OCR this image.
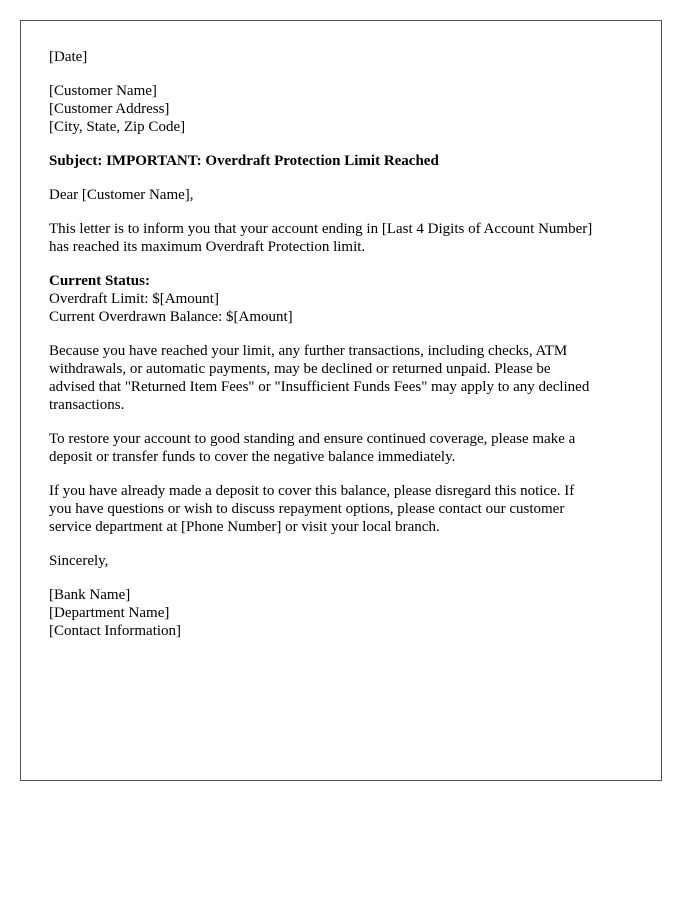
[Date]
[Customer Name]
[Customer Address]
[City, State, Zip Code]
Subject: IMPORTANT: Overdraft Protection Limit Reached
Dear [Customer Name],
This letter is to inform you that your account ending in [Last 4 Digits of Account Number]
has reached its maximum Overdraft Protection limit.
Current Status:
Overdraft Limit: $[Amount]
Current Overdrawn Balance: $[Amount]
Because you have reached your limit, any further transactions, including checks, ATM
withdrawals, or automatic payments, may be declined or returned unpaid. Please be
advised that "Returned Item Fees" or "Insufficient Funds Fees" may apply to any declined
transactions.
To restore your account to good standing and ensure continued coverage, please make a
deposit or transfer funds to cover the negative balance immediately.
If you have already made a deposit to cover this balance, please disregard this notice. If
you have questions or wish to discuss repayment options, please contact our customer
service department at [Phone Number] or visit your local branch.
Sincerely,
[Bank Name]
[Department Name]
[Contact Information]
